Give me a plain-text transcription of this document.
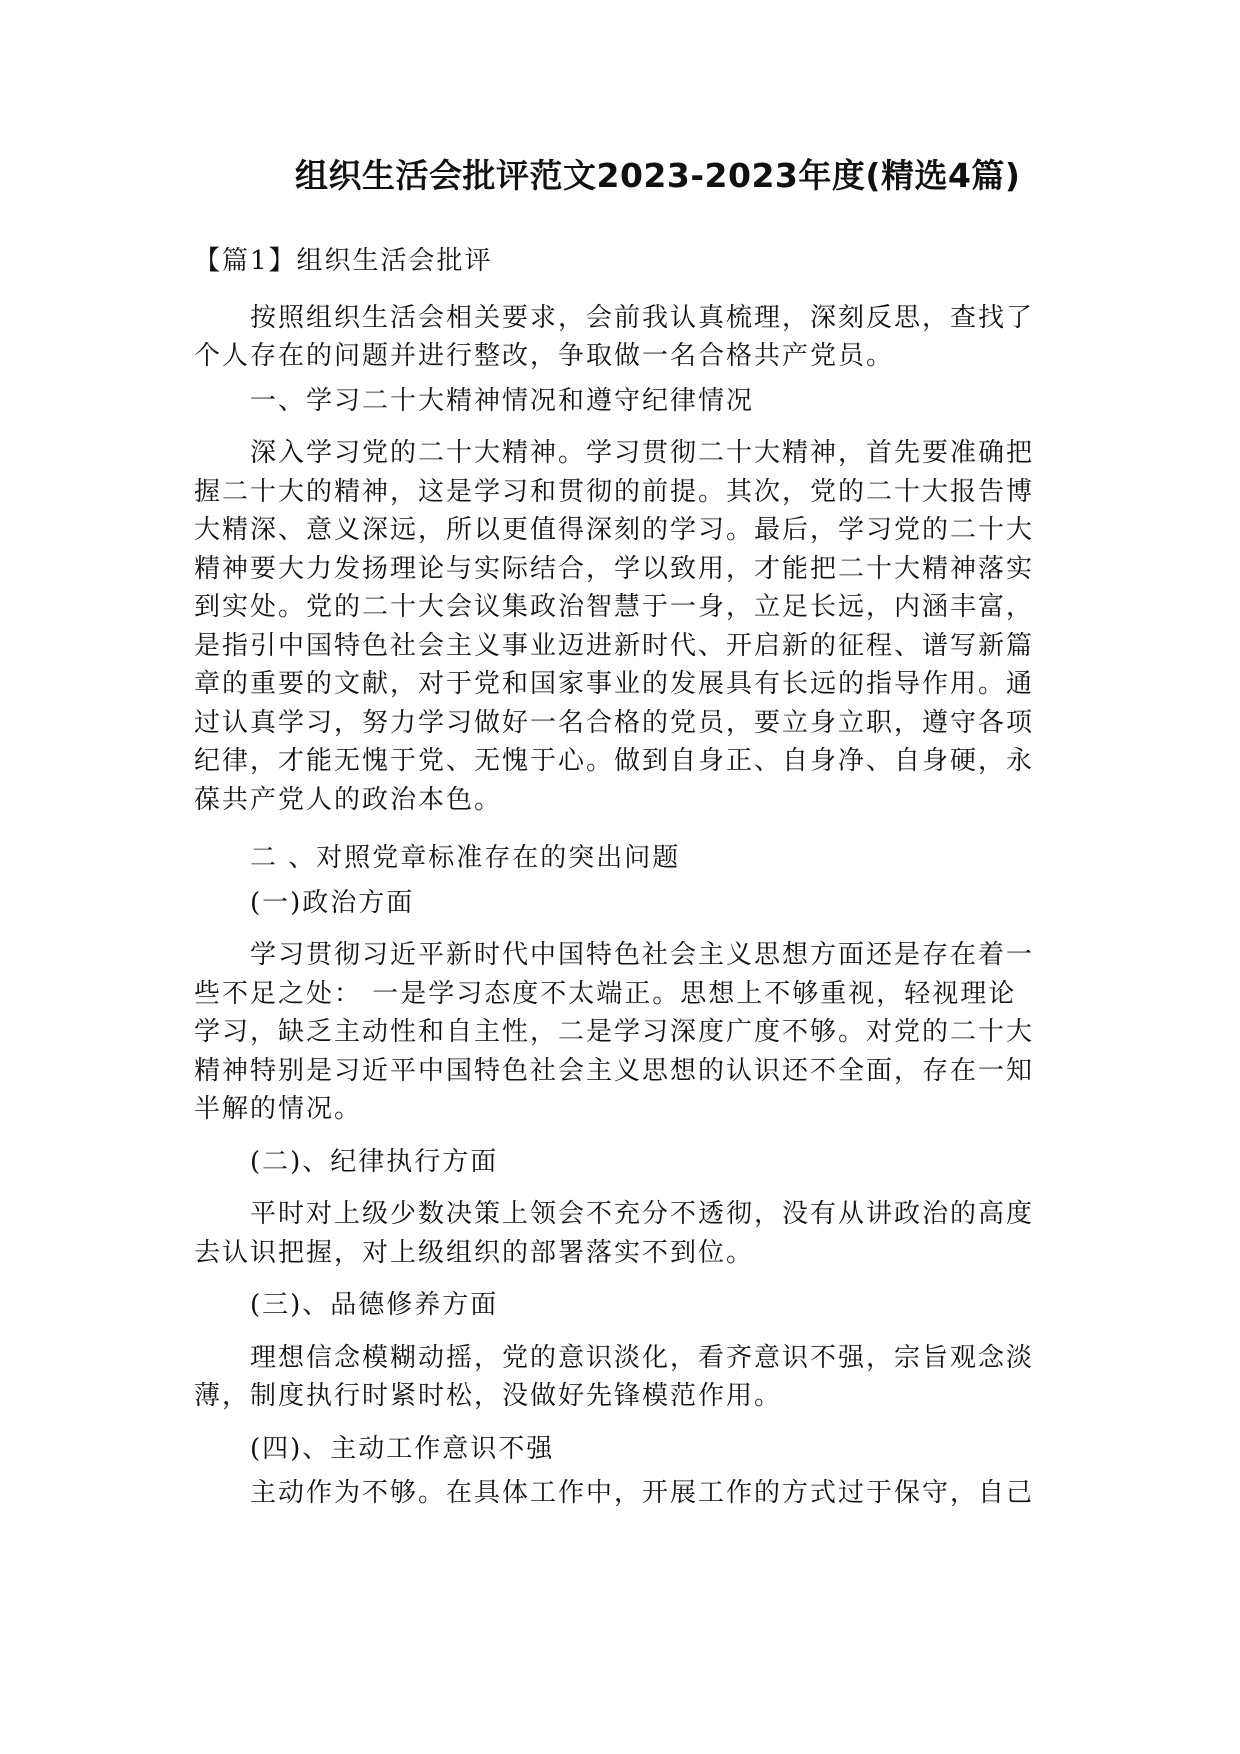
组织生活会批评范文2023-2023年度(精选4篇)

【篇1】组织生活会批评

按照组织生活会相关要求，会前我认真梳理，深刻反思，查找了 个人存在的问题并进行整改，争取做一名合格共产党员。

一、学习二十大精神情况和遵守纪律情况

深入学习党的二十大精神。学习贯彻二十大精神，首先要准确把握二十大的精神，这是学习和贯彻的前提。其次，党的二十大报告博大精深、意义深远，所以更值得深刻的学习。最后，学习党的二十大精神要大力发扬理论与实际结合，学以致用，才能把二十大精神落实到实处。党的二十大会议集政治智慧于一身，立足长远，内涵丰富，是指引中国特色社会主义事业迈进新时代、开启新的征程、谱写新篇章的重要的文献，对于党和国家事业的发展具有长远的指导作用。通过认真学习，努力学习做好一名合格的党员，要立身立职，遵守各项纪律，才能无愧于党、无愧于心。做到自身正、自身净、自身硬，永葆共产党人的政治本色。

二 、对照党章标准存在的突出问题

(一)政治方面

学习贯彻习近平新时代中国特色社会主义思想方面还是存在着一些不足之处： 一是学习态度不太端正。思想上不够重视，轻视理论 学习，缺乏主动性和自主性，二是学习深度广度不够。对党的二十大 精神特别是习近平中国特色社会主义思想的认识还不全面，存在一知 半解的情况。

(二)、纪律执行方面

平时对上级少数决策上领会不充分不透彻，没有从讲政治的高度 去认识把握，对上级组织的部署落实不到位。

(三)、品德修养方面

理想信念模糊动摇，党的意识淡化，看齐意识不强，宗旨观念淡 薄，制度执行时紧时松，没做好先锋模范作用。

(四)、主动工作意识不强

主动作为不够。在具体工作中，开展工作的方式过于保守，自己
